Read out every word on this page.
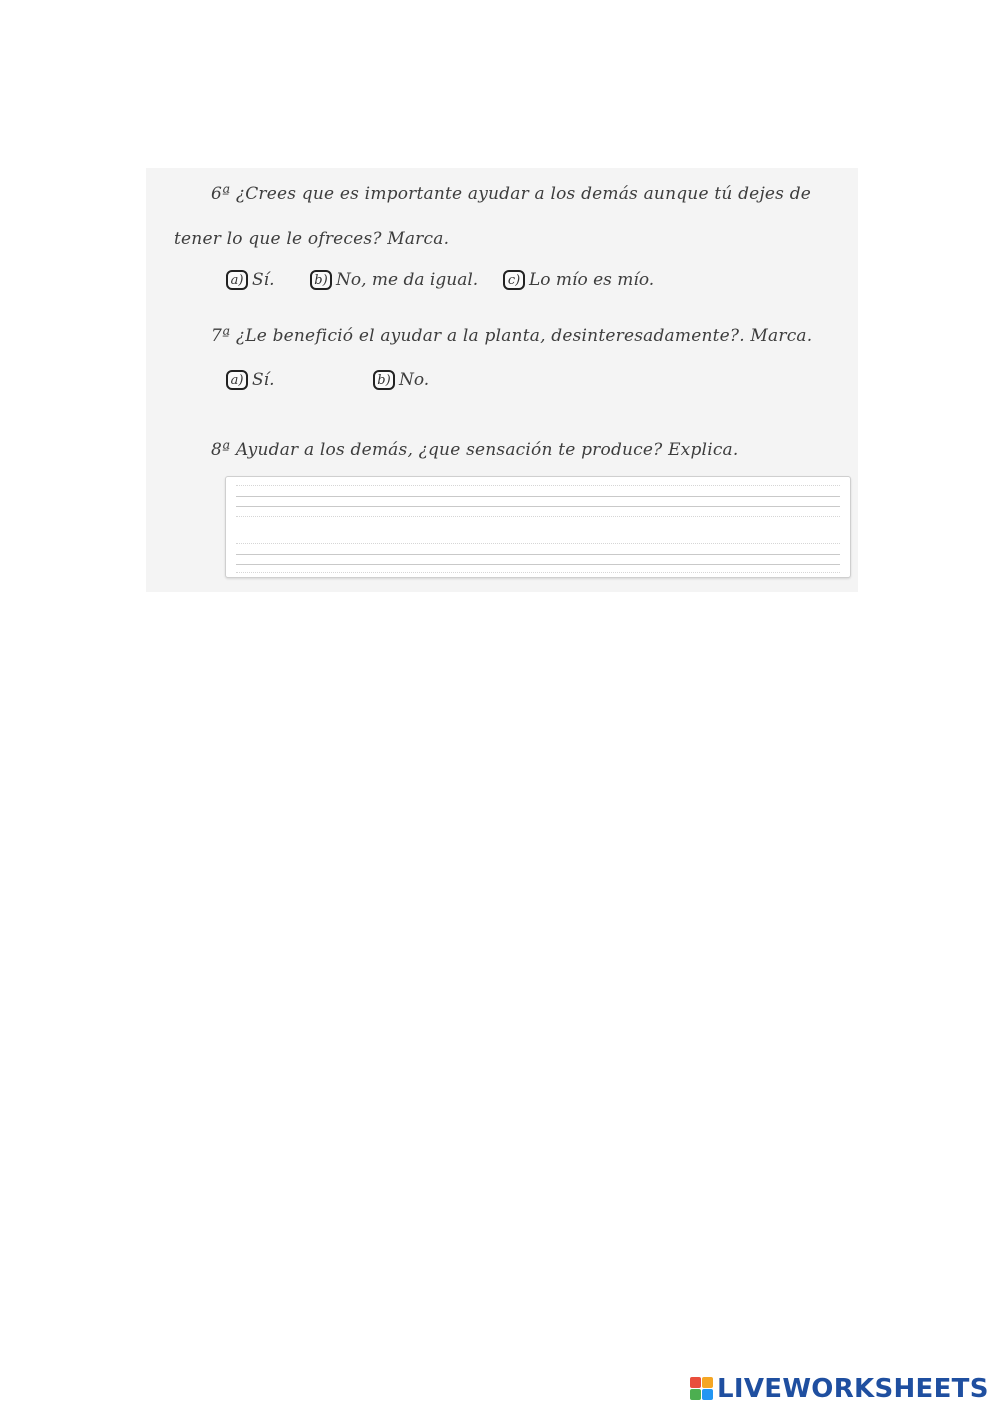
6ª ¿Crees que es importante ayudar a los demás aunque tú dejes de
tener lo que le ofreces? Marca.
a) Sí.	b) No, me da igual.	c) Lo mío es mío.
7ª ¿Le benefició el ayudar a la planta, desinteresadamente?. Marca.
a) Sí.	b) No.
8ª Ayudar a los demás, ¿que sensación te produce? Explica.
LIVEWORKSHEETS
